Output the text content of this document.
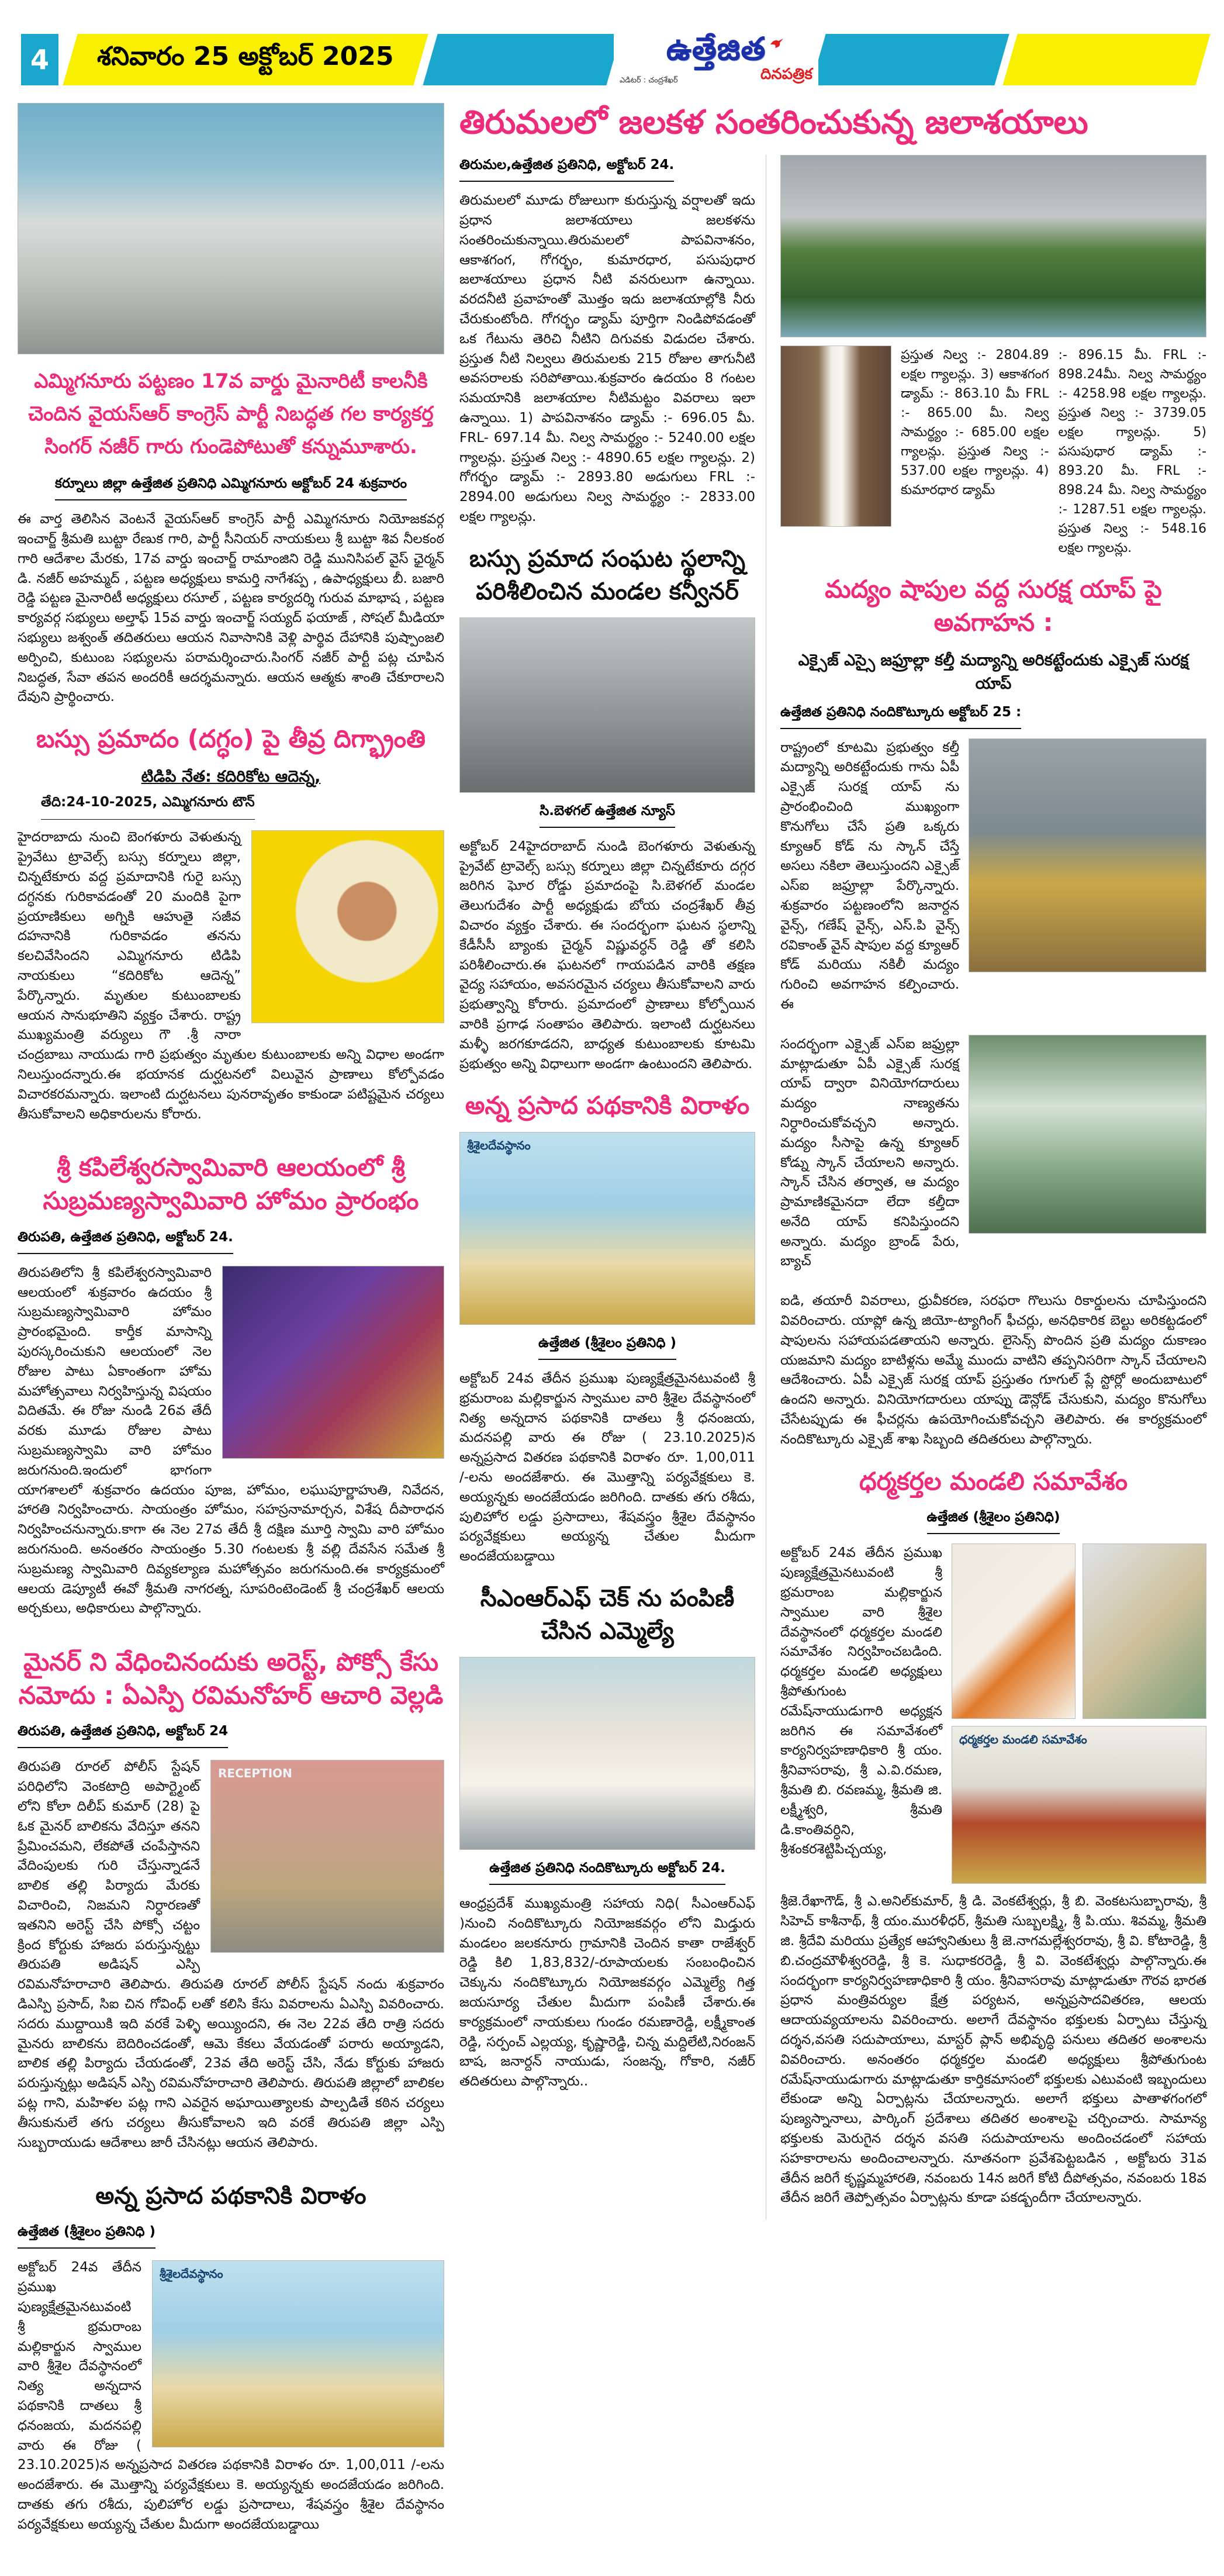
4	శనివారం 25 అక్టోబర్ 2025	ఉత్తేజిత
ఎడిటర్ : చంద్రశేఖర్	దినపత్రిక
ఎమ్మిగనూరు పట్టణం 17వ వార్డు మైనారిటీ కాలనీకి చెందిన వైయస్ఆర్ కాంగ్రెస్ పార్టీ నిబద్ధత గల కార్యకర్త సింగర్ నజీర్ గారు గుండెపోటుతో కన్నుమూశారు.
కర్నూలు జిల్లా ఉత్తేజిత ప్రతినిధి ఎమ్మిగనూరు అక్టోబర్ 24 శుక్రవారం

ఈ వార్త తెలిసిన వెంటనే వైయస్ఆర్ కాంగ్రెస్ పార్టీ ఎమ్మిగనూరు నియోజకవర్గ ఇంచార్జ్ శ్రీమతి బుట్టా రేణుక గారి, పార్టీ సీనియర్ నాయకులు శ్రీ బుట్టా శివ నీలకంఠ గారి ఆదేశాల మేరకు, 17వ వార్డు ఇంచార్జ్ రామాంజిని రెడ్డి మునిసిపల్ వైస్ ఛైర్మన్ డి. నజీర్ అహమ్మద్ , పట్టణ అధ్యక్షులు కామర్తి నాగేశప్ప , ఉపాధ్యక్షులు బీ. బజారి రెడ్డి పట్టణ మైనారిటీ అధ్యక్షులు రసూల్ , పట్టణ కార్యదర్శి గురువ మాభాష , పట్టణ కార్యవర్గ సభ్యులు అల్తాఫ్ 15వ వార్డు ఇంచార్జ్ సయ్యద్ ఫయాజ్ , సోషల్ మీడియా సభ్యులు జశ్వంత్ తదితరులు ఆయన నివాసానికి వెళ్లి పార్థివ దేహానికి పుష్పాంజలి అర్పించి, కుటుంబ సభ్యులను పరామర్శించారు.సింగర్ నజీర్ పార్టీ పట్ల చూపిన నిబద్ధత, సేవా తపన అందరికీ ఆదర్శమన్నారు. ఆయన ఆత్మకు శాంతి చేకూరాలని దేవుని ప్రార్థించారు.

బస్సు ప్రమాదం (దగ్ధం) పై తీవ్ర దిగ్భ్రాంతి
టిడిపి నేత: కదిరికోట ఆదెన్న,
తేది:24-10-2025, ఎమ్మిగనూరు టౌన్

హైదరాబాదు నుంచి బెంగళూరు వెళుతున్న ప్రైవేటు ట్రావెల్స్ బస్సు కర్నూలు జిల్లా, చిన్నటేకూరు వద్ద ప్రమాదానికి గురై బస్సు దగ్ధనకు గురికావడంతో 20 మందికి పైగా ప్రయాణికులు అగ్నికి ఆహుతై సజీవ దహనానికి గురికావడం తనను కలచివేసిందని ఎమ్మిగనూరు టిడిపి నాయకులు “కదిరికోట ఆదెన్న” పేర్కొన్నారు. మృతుల కుటుంబాలకు ఆయన సానుభూతిని వ్యక్తం చేశారు. రాష్ట్ర ముఖ్యమంత్రి వర్యులు గౌ .శ్రీ నారా చంద్రబాబు నాయుడు గారి ప్రభుత్వం మృతుల కుటుంబాలకు అన్ని విధాల అండగా నిలుస్తుందన్నారు.ఈ భయానక దుర్ఘటనలో విలువైన ప్రాణాలు కోల్పోవడం విచారకరమన్నారు. ఇలాంటి దుర్ఘటనలు పునరావృతం కాకుండా పటిష్టమైన చర్యలు తీసుకోవాలని అధికారులను కోరారు.

శ్రీ కపిలేశ్వరస్వామివారి ఆలయంలో శ్రీ సుబ్రమణ్యస్వామివారి హోమం ప్రారంభం
తిరుపతి, ఉత్తేజిత ప్రతినిధి, అక్టోబర్ 24.

తిరుపతిలోని శ్రీ కపిలేశ్వరస్వామివారి ఆలయంలో శుక్రవారం ఉదయం శ్రీ సుబ్రమణ్యస్వామివారి హోమం ప్రారంభమైంది. కార్తీక మాసాన్ని పురస్కరించుకుని ఆలయంలో నెల రోజుల పాటు ఏకాంతంగా హోమ మహోత్సవాలు నిర్వహిస్తున్న విషయం విదితమే. ఈ రోజు నుండి 26వ తేదీ వరకు మూడు రోజుల పాటు సుబ్రమణ్యస్వామి వారి హోమం జరుగనుంది.ఇందులో భాగంగా యాగశాలలో శుక్రవారం ఉదయం పూజ, హోమం, లఘుపూర్ణాహుతి, నివేదన, హారతి నిర్వహించారు. సాయంత్రం హోమం, సహస్రనామార్చన, విశేష దీపారాధన నిర్వహించనున్నారు.కాగా ఈ నెల 27వ తేదీ శ్రీ దక్షిణ మూర్తి స్వామి వారి హోమం జరుగనుంది. అనంతరం సాయంత్రం 5.30 గంటలకు శ్రీ వల్లి దేవసేన సమేత శ్రీ సుబ్రమణ్య స్వామివారి దివ్యకల్యాణ మహోత్సవం జరుగనుంది.ఈ కార్యక్రమంలో ఆలయ డెప్యూటీ ఈవో శ్రీమతి నాగరత్న, సూపరింటెండెంట్ శ్రీ చంద్రశేఖర్ ఆలయ అర్చకులు, అధికారులు పాల్గొన్నారు.

మైనర్ ని వేధించినందుకు అరెస్ట్, పోక్సో కేసు నమోదు : ఏఎస్పి రవిమనోహర్ ఆచారి వెల్లడి
తిరుపతి, ఉత్తేజిత ప్రతినిధి, అక్టోబర్ 24
RECEPTION

తిరుపతి రూరల్ పోలీస్ స్టేషన్ పరిధిలోని వెంకటాద్రి అపార్ట్మెంట్ లోని కోలా దిలీప్ కుమార్ (28) పై ఓక మైనర్ బాలికను వేదిస్తూ తనని ప్రేమించమని, లేకపోతే చంపేస్తానని వేదింపులకు గురి చేస్తున్నాడనే బాలిక తల్లి పిర్యాదు మేరకు విచారించి, నిజమని నిర్ధారణతో ఇతనిని అరెస్ట్ చేసి పోక్సో చట్టం క్రింద కోర్టుకు హాజరు పరుస్తున్నట్టు తిరుపతి అడిషన్ ఎస్పి రవిమనోహరాచారి తెలిపారు. తిరుపతి రూరల్ పోలీస్ స్టేషన్ నందు శుక్రవారం డిఎస్పి ప్రసాద్, సిఐ చిన గోవింధ్ లతో కలిసి కేసు వివరాలను ఏఎస్పి వివరించారు. సదరు ముద్దాయికి ఇది వరకే పెళ్ళి అయ్యిందని, ఈ నెల 22వ తేది రాత్రి సదరు మైనరు బాలికను బెదిరించడంతో, ఆమె కేకలు వేయడంతో పరారు అయ్యాడని, బాలిక తల్లి పిర్యాదు చేయడంతో, 23వ తేది అరెస్ట్ చేసి, నేడు కోర్టుకు హాజరు పరుస్తున్నట్లు అడిషన్ ఎస్పి రవిమనోహరాచారి తెలిపారు. తిరుపతి జిల్లాలో బాలికల పట్ల గాని, మహిళల పట్ల గాని ఎవరైన అఘాయిత్యాలకు పాల్పడితే కఠిన చర్యలు తీసుకునులే తగు చర్యలు తీసుకోవాలని ఇది వరకే తిరుపతి జిల్లా ఎస్పి సుబ్బరాయుడు ఆదేశాలు జారీ చేసినట్లు ఆయన తెలిపారు.

అన్న ప్రసాద పథకానికి విరాళం
ఉత్తేజిత (శ్రీశైలం ప్రతినిధి )
శ్రీశైలదేవస్థానం

అక్టోబర్ 24వ తేదీన ప్రముఖ పుణ్యక్షేత్రమైనటువంటి శ్రీ భ్రమరాంబ మల్లికార్జున స్వాముల వారి శ్రీశైల దేవస్థానంలో నిత్య అన్నదాన పథకానికి దాతలు శ్రీ ధనంజయ, మదనపల్లి వారు ఈ రోజు ( 23.10.2025)న అన్నప్రసాద వితరణ పథకానికి విరాళం రూ. 1,00,011 /-లను అందజేశారు. ఈ మొత్తాన్ని పర్యవేక్షకులు కె. అయ్యన్నకు అందజేయడం జరిగింది. దాతకు తగు రశీదు, పులిహోర లడ్డు ప్రసాదాలు, శేషవస్త్రం శ్రీశైల దేవస్థానం పర్యవేక్షకులు అయ్యన్న చేతుల మీదుగా అందజేయబడ్డాయి

తిరుమలలో జలకళ సంతరించుకున్న జలాశయాలు
తిరుమల,ఉత్తేజిత ప్రతినిధి, అక్టోబర్ 24.

తిరుమలలో మూడు రోజులుగా కురుస్తున్న వర్షాలతో ఇదు ప్రధాన జలాశయాలు జలకళను సంతరించుకున్నాయి.తిరుమలలో పాపవినాశనం, ఆకాశగంగ, గోగర్భం, కుమారధార, పసుపుధార జలాశయాలు ప్రధాన నీటి వనరులుగా ఉన్నాయి. వరదనీటి ప్రవాహంతో మొత్తం ఇదు జలాశయాల్లోకి నీరు చేరుకుంటోంది. గోగర్భం డ్యామ్ పూర్తిగా నిండిపోవడంతో ఒక గేటును తెరిచి నీటిని దిగువకు విడుదల చేశారు. ప్రస్తుత నీటి నిల్వలు తిరుమలకు 215 రోజుల తాగునీటి అవసరాలకు సరిపోతాయి.శుక్రవారం ఉదయం 8 గంటల సమయానికి జలాశయాల నీటిమట్టం వివరాలు ఇలా ఉన్నాయి. 1) పాపవినాశనం డ్యామ్ :- 696.05 మీ. FRL- 697.14 మీ. నిల్వ సామర్థ్యం :- 5240.00 లక్షల గ్యాలన్లు. ప్రస్తుత నిల్వ :- 4890.65 లక్షల గ్యాలన్లు. 2) గోగర్భం డ్యామ్ :- 2893.80 అడుగులు FRL :- 2894.00 అడుగులు నిల్వ సామర్థ్యం :- 2833.00 లక్షల గ్యాలన్లు.

బస్సు ప్రమాద సంఘట స్థలాన్ని పరిశీలించిన మండల కన్వీనర్
సి.బెళగల్ ఉత్తేజిత న్యూస్

అక్టోబర్ 24హైదరాబాద్ నుండి బెంగళూరు వెళుతున్న ప్రైవేట్ ట్రావెల్స్ బస్సు కర్నూలు జిల్లా చిన్నటేకూరు దగ్గర జరిగిన ఘోర రోడ్డు ప్రమాదంపై సి.బెళగల్ మండల తెలుగుదేశం పార్టీ అధ్యక్షుడు బోయ చంద్రశేఖర్ తీవ్ర విచారం వ్యక్తం చేశారు. ఈ సందర్భంగా ఘటన స్థలాన్ని కేడీసీసీ బ్యాంకు చైర్మన్ విష్ణువర్ధన్ రెడ్డి తో కలిసి పరిశీలించారు.ఈ ఘటనలో గాయపడిన వారికి తక్షణ వైద్య సహాయం, అవసరమైన చర్యలు తీసుకోవాలని వారు ప్రభుత్వాన్ని కోరారు. ప్రమాదంలో ప్రాణాలు కోల్పోయిన వారికి ప్రగాఢ సంతాపం తెలిపారు. ఇలాంటి దుర్ఘటనలు మళ్ళీ జరగకూడదని, బాధ్యత కుటుంబాలకు కూటమి ప్రభుత్వం అన్ని విధాలుగా అండగా ఉంటుందని తెలిపారు.

అన్న ప్రసాద పథకానికి విరాళం
శ్రీశైలదేవస్థానం
ఉత్తేజిత (శ్రీశైలం ప్రతినిధి )

అక్టోబర్ 24వ తేదీన ప్రముఖ పుణ్యక్షేత్రమైనటువంటి శ్రీ భ్రమరాంబ మల్లికార్జున స్వాముల వారి శ్రీశైల దేవస్థానంలో నిత్య అన్నదాన పథకానికి దాతలు శ్రీ ధనంజయ, మదనపల్లి వారు ఈ రోజు ( 23.10.2025)న అన్నప్రసాద వితరణ పథకానికి విరాళం రూ. 1,00,011 /-లను అందజేశారు. ఈ మొత్తాన్ని పర్యవేక్షకులు కె. అయ్యన్నకు అందజేయడం జరిగింది. దాతకు తగు రశీదు, పులిహోర లడ్డు ప్రసాదాలు, శేషవస్త్రం శ్రీశైల దేవస్థానం పర్యవేక్షకులు అయ్యన్న చేతుల మీదుగా అందజేయబడ్డాయి

సీఎంఆర్ఎఫ్ చెక్ ను పంపిణీ చేసిన ఎమ్మెల్యే
ఉత్తేజిత ప్రతినిధి నందికొట్కూరు అక్టోబర్ 24.

ఆంధ్రప్రదేశ్ ముఖ్యమంత్రి సహాయ నిధి( సీఎంఆర్ఎఫ్ )నుంచి నందికొట్కూరు నియోజకవర్గం లోని మిడ్తురు మండలం జలకనూరు గ్రామానికి చెందిన కాతా రాజేశ్వర్ రెడ్డి కిలి 1,83,832/-రూపాయలకు సంబంధించిన చెక్కును నందికొట్కూరు నియోజకవర్గం ఎమ్మెల్యే గిత్త జయసూర్య చేతుల మీదుగా పంపిణీ చేశారు.ఈ కార్యక్రమంలో నాయకులు గుండం రమణారెడ్డి, లక్ష్మీకాంత రెడ్డి, సర్పంచ్ ఎల్లయ్య, కృష్ణారెడ్డి, చిన్న మద్దిలేటి,నిరంజన్ బాష, జనార్దన్ నాయుడు, సంజన్న, గోకారి, నజీర్ తదితరులు పాల్గొన్నారు..

ప్రస్తుత నిల్వ :- 2804.89 లక్షల గ్యాలన్లు. 3) ఆకాశగంగ డ్యామ్ :- 863.10 మీ FRL :- 865.00 మీ. నిల్వ సామర్థ్యం :- 685.00 లక్షల గ్యాలన్లు. ప్రస్తుత నిల్వ :- 537.00 లక్షల గ్యాలన్లు. 4) కుమారధార డ్యామ్
:- 896.15 మీ. FRL :- 898.24మీ. నిల్వ సామర్థ్యం :- 4258.98 లక్షల గ్యాలన్లు. ప్రస్తుత నిల్వ :- 3739.05 లక్షల గ్యాలన్లు. 5) పసుపుధార డ్యామ్ :- 893.20 మీ. FRL :- 898.24 మీ. నిల్వ సామర్థ్యం :- 1287.51 లక్షల గ్యాలన్లు. ప్రస్తుత నిల్వ :- 548.16 లక్షల గ్యాలన్లు.
మద్యం షాపుల వద్ద సురక్ష యాప్ పై అవగాహన :
ఎక్సైజ్ ఎస్సై జఫ్రూల్లా కల్తీ మద్యాన్ని అరికట్టేందుకు ఎక్సైజ్ సురక్ష యాప్
ఉత్తేజిత ప్రతినిధి నందికొట్కూరు అక్టోబర్ 25 :

రాష్ట్రంలో కూటమి ప్రభుత్వం కల్తీ మద్యాన్ని అరికట్టేందుకు గాను ఏపీ ఎక్సైజ్ సురక్ష యాప్ ను ప్రారంభించింది ముఖ్యంగా కొనుగోలు చేసే ప్రతి ఒక్కరు క్యూఆర్ కోడ్ ను స్కాన్ చేస్తే అసలు నకిలా తెలుస్తుందని ఎక్సైజ్ ఎస్ఐ జఫ్రూల్లా పేర్కొన్నారు. శుక్రవారం పట్టణంలోని జనార్దన వైన్స్, గణేష్ వైన్స్, ఎస్.పి వైన్స్ రవికాంత్ వైన్ షాపుల వద్ద క్యూఆర్ కోడ్ మరియు నకిలీ మద్యం గురించి అవగాహన కల్పించారు. ఈ

సందర్భంగా ఎక్సైజ్ ఎస్ఐ జఫ్రుల్లా మాట్లాడుతూ ఏపీ ఎక్సైజ్ సురక్ష యాప్ ద్వారా వినియోగదారులు మద్యం నాణ్యతను నిర్ధారించుకోవచ్చని అన్నారు. మద్యం సీసాపై ఉన్న క్యూఆర్ కోడ్ను స్కాన్ చేయాలని అన్నారు. స్కాన్ చేసిన తర్వాత, ఆ మద్యం ప్రామాణికమైనదా లేదా కల్తీదా అనేది యాప్ కనిపిస్తుందని అన్నారు. మద్యం బ్రాండ్ పేరు, బ్యాచ్

ఐడి, తయారీ వివరాలు, ధ్రువీకరణ, సరఫరా గొలుసు రికార్డులను చూపిస్తుందని వివరించారు. యాప్లో ఉన్న జియో-ట్యాగింగ్ ఫీచర్లు, అనధికారిక బెల్టు అరికట్టడంలో షాపులను సహాయపడతాయని అన్నారు. లైసెన్స్ పొందిన ప్రతి మద్యం దుకాణం యజమాని మద్యం బాటిళ్లను అమ్మే ముందు వాటిని తప్పనిసరిగా స్కాన్ చేయాలని ఆదేశించారు. ఏపీ ఎక్సైజ్ సురక్ష యాప్ ప్రస్తుతం గూగుల్ ప్లే స్టోర్లో అందుబాటులో ఉందని అన్నారు. వినియోగదారులు యాప్ను డౌన్లోడ్ చేసుకుని, మద్యం కొనుగోలు చేసేటప్పుడు ఈ ఫీచర్లను ఉపయోగించుకోవచ్చని తెలిపారు. ఈ కార్యక్రమంలో నందికొట్కూరు ఎక్సైజ్ శాఖ సిబ్బంది తదితరులు పాల్గొన్నారు.

ధర్మకర్తల మండలి సమావేశం
ఉత్తేజిత (శ్రీశైలం ప్రతినిధి)

అక్టోబర్ 24వ తేదీన ప్రముఖ పుణ్యక్షేత్రమైనటువంటి శ్రీ భ్రమరాంబ మల్లికార్జున స్వాముల వారి శ్రీశైల దేవస్థానంలో ధర్మకర్తల మండలి సమావేశం నిర్వహించబడింది. ధర్మకర్తల మండలి అధ్యక్షులు శ్రీపోతుగుంట రమేష్‌నాయుడుగారి అధ్యక్షన జరిగిన ఈ సమావేశంలో కార్యనిర్వహణాధికారి శ్రీ యం. శ్రీనివాసరావు, శ్రీ ఎ.వి.రమణ, శ్రీమతి బి. రవణమ్మ, శ్రీమతి జి. లక్ష్మీశ్వరి, శ్రీమతి డి.కాంతివర్ధిని, శ్రీశంకరశెట్టిపిచ్చయ్య,

ధర్మకర్తల మండలి సమావేశం

శ్రీజె.రేఖాగౌడ్, శ్రీ ఎ.అనిల్‌కుమార్, శ్రీ డి. వెంకటేశ్వర్లు, శ్రీ బి. వెంకటసుబ్బారావు, శ్రీ సిహెచ్ కాశీనాథ్, శ్రీ యం.మురళీధర్, శ్రీమతి సుబ్బలక్ష్మి, శ్రీ పి.యు. శివమ్మ, శ్రీమతి జి. శ్రీదేవి మరియు ప్రత్యేక ఆహ్వానితులు శ్రీ జె.నాగమల్లేశ్వరరావు, శ్రీ వి. కోటారెడ్డి, శ్రీ బి.చంద్రమౌళీశ్వరరెడ్డి, శ్రీ కె. సుధాకరరెడ్డి, శ్రీ వి. వెంకటేశ్వర్లు పాల్గొన్నారు.ఈ సందర్భంగా కార్యనిర్వహణాధికారి శ్రీ యం. శ్రీనివాసరావు మాట్లాడుతూ గౌరవ భారత ప్రధాన మంత్రివర్యుల క్షేత్ర పర్యటన, అన్నప్రసాదవితరణ, ఆలయ ఆదాయవ్యయాలను వివరించారు. అలాగే దేవస్థానం భక్తులకు ఏర్పాటు చేస్తున్న దర్శన,వసతి సదుపాయాలు, మాస్టర్ ప్లాన్ అభివృద్ధి పనులు తదితర అంశాలను వివరించారు. అనంతరం ధర్మకర్తల మండలి అధ్యక్షులు శ్రీపోతుగుంట రమేష్‌నాయుడుగారు మాట్లాడుతూ కార్తికమాసంలో భక్తులకు ఎటువంటి ఇబ్బందులు లేకుండా అన్ని ఏర్పాట్లను చేయాలన్నారు. అలాగే భక్తులు పాతాళగంగలో పుణ్యస్నానాలు, పార్కింగ్ ప్రదేశాలు తదితర అంశాలపై చర్చించారు. సామాన్య భక్తులకు మెరుగైన దర్శన వసతి సదుపాయాలను అందించడంలో సహాయ సహకారాలను అందించాలన్నారు. నూతనంగా ప్రవేశపెట్టబడిన , అక్టోబరు 31వ తేదీన జరిగే కృష్ణమ్మహారతి, నవంబరు 14న జరిగే కోటి దీపోత్సవం, నవంబరు 18వ తేదీన జరిగే తెప్పోత్సవం ఏర్పాట్లను కూడా పకడ్బందీగా చేయాలన్నారు.
